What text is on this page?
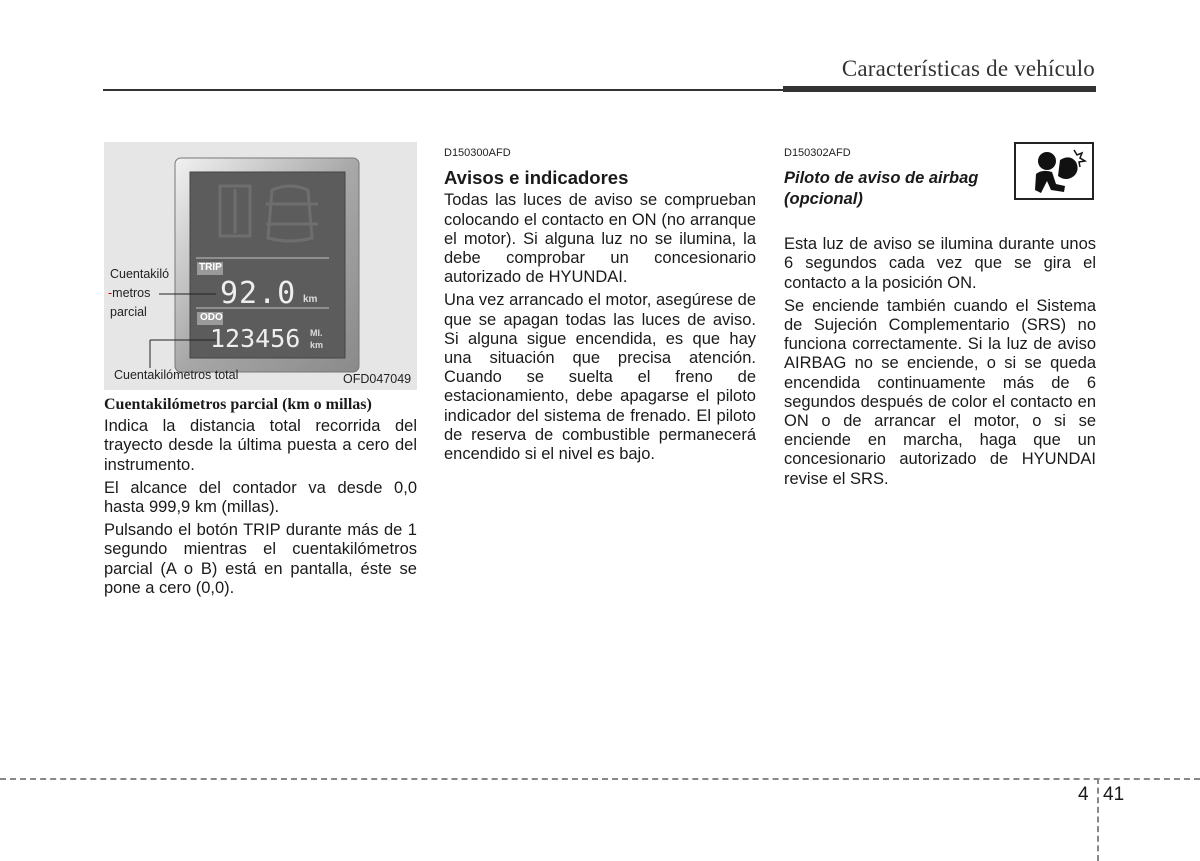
Características de vehículo
TRIP
92.0 km
ODO
123456 MI.
km
Cuentakiló
-metros
parcial
Cuentakilómetros total	OFD047049
Cuentakilómetros parcial (km o millas)

Indica la distancia total recorrida del trayecto desde la última puesta a cero del instrumento.

El alcance del contador va desde 0,0 hasta 999,9 km (millas).

Pulsando el botón TRIP durante más de 1 segundo mientras el cuentakilómetros parcial (A o B) está en pantalla, éste se pone a cero (0,0).

D150300AFD
Avisos e indicadores

Todas las luces de aviso se comprueban colocando el contacto en ON (no arranque el motor). Si alguna luz no se ilumina, la debe comprobar un concesionario autorizado de HYUNDAI.

Una vez arrancado el motor, asegúrese de que se apagan todas las luces de aviso. Si alguna sigue encendida, es que hay una situación que precisa atención. Cuando se suelta el freno de estacionamiento, debe apagarse el piloto indicador del sistema de frenado. El piloto de reserva de combustible permanecerá encendido si el nivel es bajo.

D150302AFD
Piloto de aviso de airbag
(opcional)

Esta luz de aviso se ilumina durante unos 6 segundos cada vez que se gira el contacto a la posición ON.

Se enciende también cuando el Sistema de Sujeción Complementario (SRS) no funciona correctamente. Si la luz de aviso AIRBAG no se enciende, o si se queda encendida continuamente más de 6 segundos después de color el contacto en ON o de arrancar el motor, o si se enciende en marcha, haga que un concesionario autorizado de HYUNDAI revise el SRS.

4 41
